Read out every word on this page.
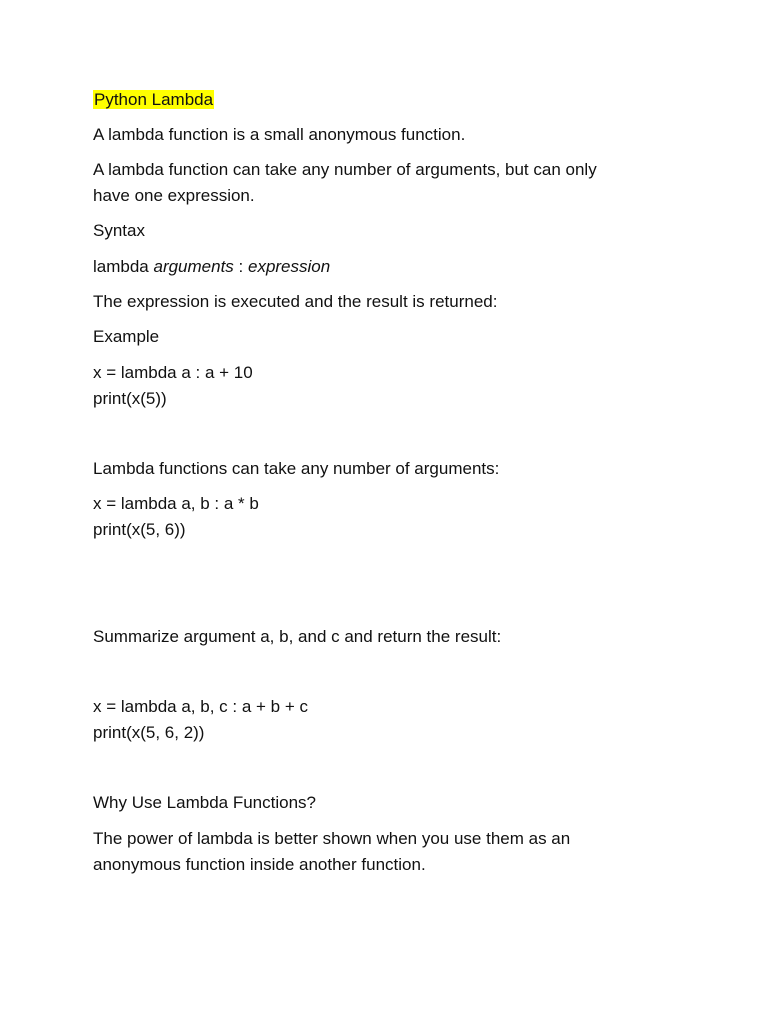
Python Lambda
A lambda function is a small anonymous function.
A lambda function can take any number of arguments, but can only
have one expression.
Syntax
lambda arguments : expression
The expression is executed and the result is returned:
Example
x = lambda a : a + 10
print(x(5))
Lambda functions can take any number of arguments:
x = lambda a, b : a * b
print(x(5, 6))
Summarize argument a, b, and c and return the result:
x = lambda a, b, c : a + b + c
print(x(5, 6, 2))
Why Use Lambda Functions?
The power of lambda is better shown when you use them as an
anonymous function inside another function.
